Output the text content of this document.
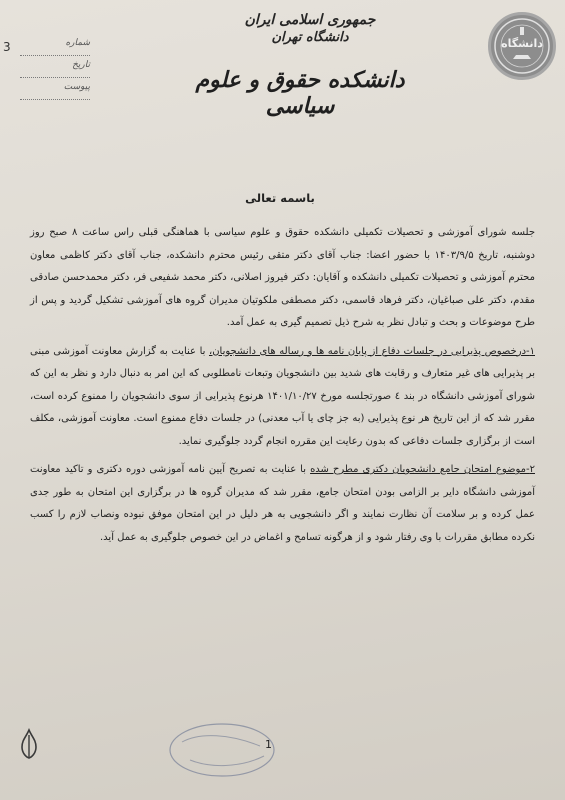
دانشگاه
3	شماره
تاریخ
پیوست
جمهوری اسلامی ایران
دانشگاه تهران
دانشکده حقوق و علوم سیاسی
باسمه تعالی

جلسه شورای آموزشی و تحصیلات تکمیلی دانشکده حقوق و علوم سیاسی با هماهنگی قبلی راس ساعت ۸ صبح روز دوشنبه، تاریخ ۱۴۰۳/۹/۵ با حضور اعضا: جناب آقای دکتر متقی رئیس محترم دانشکده، جناب آقای دکتر کاظمی معاون محترم آموزشی و تحصیلات تکمیلی دانشکده و آقایان: دکتر فیروز اصلانی، دکتر محمد شفیعی فر، دکتر محمدحسن صادقی مقدم، دکتر علی صباغیان، دکتر فرهاد قاسمی، دکتر مصطفی ملکوتیان مدیران گروه های آموزشی تشکیل گردید و پس از طرح موضوعات و بحث و تبادل نظر به شرح ذیل تصمیم گیری به عمل آمد.

۱-درخصوص پذیرایی در جلسات دفاع از پایان نامه ها و رساله های دانشجویان، با عنایت به گزارش معاونت آموزشی مبنی بر پذیرایی های غیر متعارف و رقابت های شدید بین دانشجویان وتبعات نامطلوبی که این امر به دنبال دارد و نظر به این که شورای آموزشی دانشگاه در بند ٤ صورتجلسه مورخ ۱۴۰۱/۱۰/۲۷ هرنوع پذیرایی از سوی دانشجویان را ممنوع کرده است، مقرر شد که از این تاریخ هر نوع پذیرایی (به جز چای یا آب معدنی) در جلسات دفاع ممنوع است. معاونت آموزشی، مکلف است از برگزاری جلسات دفاعی که بدون رعایت این مقرره انجام گردد جلوگیری نماید.

۲-موضوع امتحان جامع دانشجویان دکتری مطرح شده با عنایت به تصریح آیین نامه آموزشی دوره دکتری و تاکید معاونت آموزشی دانشگاه دایر بر الزامی بودن امتحان جامع، مقرر شد که مدیران گروه ها در برگزاری این امتحان به طور جدی عمل کرده و بر سلامت آن نظارت نمایند و اگر دانشجویی به هر دلیل در این امتحان موفق نبوده ونصاب لازم را کسب نکرده مطابق مقررات با وی رفتار شود و از هرگونه تسامح و اغماض در این خصوص جلوگیری به عمل آید.

1
